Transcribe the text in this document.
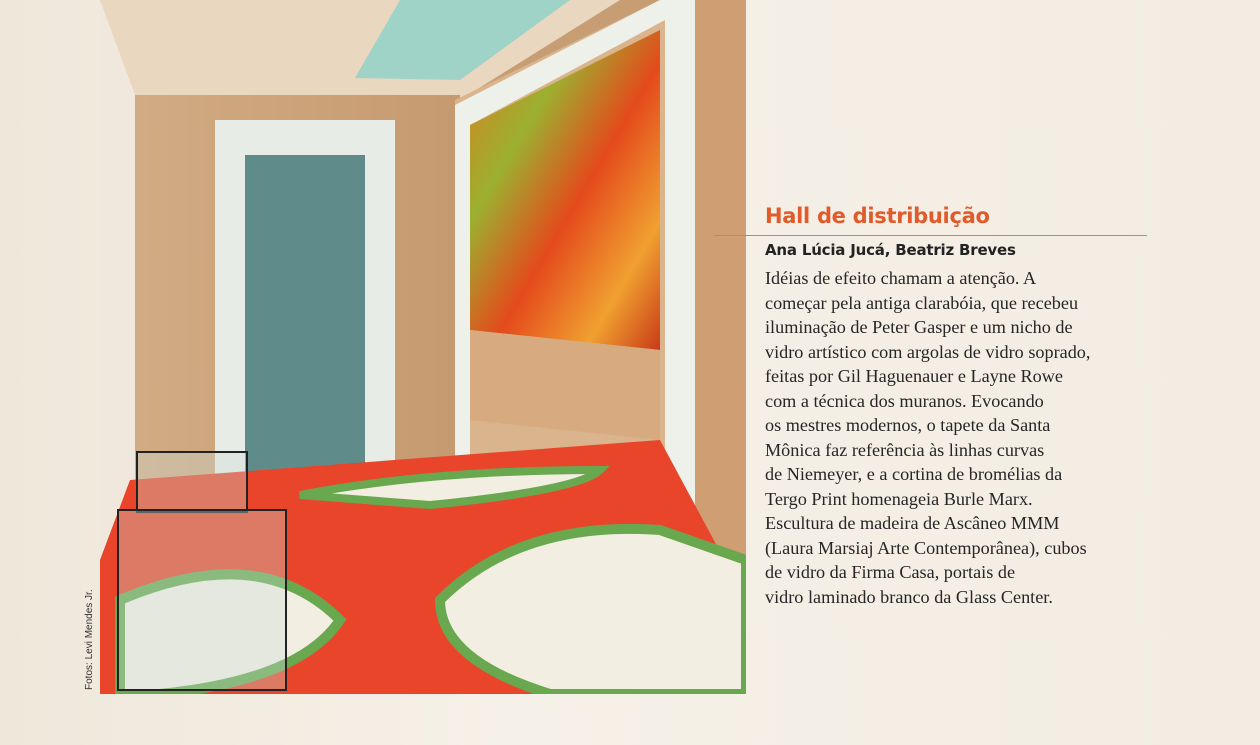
Fotos: Levi Mendes Jr.
Hall de distribuição
Ana Lúcia Jucá, Beatriz Breves
Idéias de efeito chamam a atenção. A
começar pela antiga clarabóia, que recebeu
iluminação de Peter Gasper e um nicho de
vidro artístico com argolas de vidro soprado,
feitas por Gil Haguenauer e Layne Rowe
com a técnica dos muranos. Evocando
os mestres modernos, o tapete da Santa
Mônica faz referência às linhas curvas
de Niemeyer, e a cortina de bromélias da
Tergo Print homenageia Burle Marx.
Escultura de madeira de Ascâneo MMM
(Laura Marsiaj Arte Contemporânea), cubos
de vidro da Firma Casa, portais de
vidro laminado branco da Glass Center.
